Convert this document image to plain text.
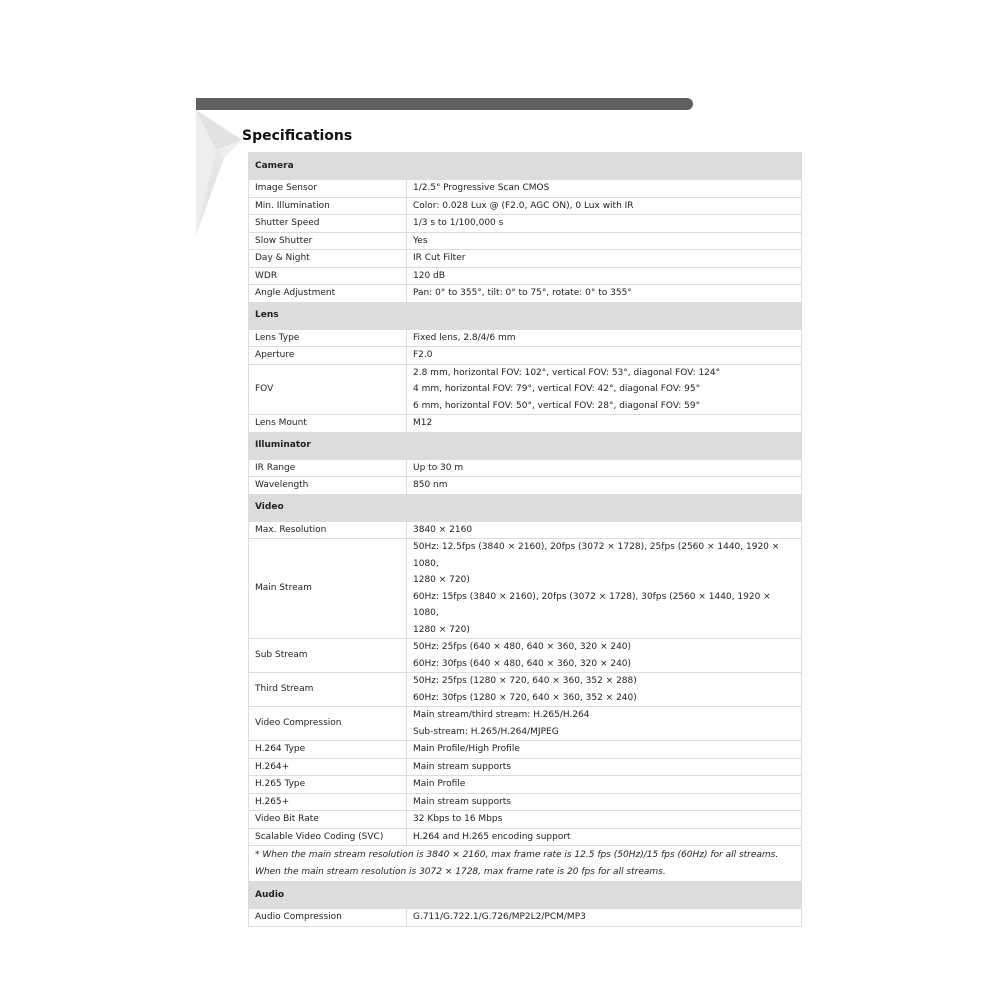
Specifications
Camera	
Image Sensor	1/2.5" Progressive Scan CMOS

Min. Illumination	Color: 0.028 Lux @ (F2.0, AGC ON), 0 Lux with IR

Shutter Speed	1/3 s to 1/100,000 s

Slow Shutter	Yes

Day & Night	IR Cut Filter

WDR	120 dB

Angle Adjustment	Pan: 0° to 355°, tilt: 0° to 75°, rotate: 0° to 355°

Lens	
Lens Type	Fixed lens, 2.8/4/6 mm

Aperture	F2.0

FOV	2.8 mm, horizontal FOV: 102°, vertical FOV: 53°, diagonal FOV: 124°
4 mm, horizontal FOV: 79°, vertical FOV: 42°, diagonal FOV: 95°
6 mm, horizontal FOV: 50°, vertical FOV: 28°, diagonal FOV: 59°

Lens Mount	M12

Illuminator	
IR Range	Up to 30 m

Wavelength	850 nm

Video	
Max. Resolution	3840 × 2160

Main Stream	50Hz: 12.5fps (3840 × 2160), 20fps (3072 × 1728), 25fps (2560 × 1440, 1920 × 1080,
1280 × 720)
60Hz: 15fps (3840 × 2160), 20fps (3072 × 1728), 30fps (2560 × 1440, 1920 × 1080,
1280 × 720)

Sub Stream	50Hz: 25fps (640 × 480, 640 × 360, 320 × 240)
60Hz: 30fps (640 × 480, 640 × 360, 320 × 240)

Third Stream	50Hz: 25fps (1280 × 720, 640 × 360, 352 × 288)
60Hz: 30fps (1280 × 720, 640 × 360, 352 × 240)

Video Compression	Main stream/third stream: H.265/H.264
Sub-stream: H.265/H.264/MJPEG

H.264 Type	Main Profile/High Profile

H.264+	Main stream supports

H.265 Type	Main Profile

H.265+	Main stream supports

Video Bit Rate	32 Kbps to 16 Mbps

Scalable Video Coding (SVC)	H.264 and H.265 encoding support

* When the main stream resolution is 3840 × 2160, max frame rate is 12.5 fps (50Hz)/15 fps (60Hz) for all streams. When the main stream resolution is 3072 × 1728, max frame rate is 20 fps for all streams.	
Audio	
Audio Compression	G.711/G.722.1/G.726/MP2L2/PCM/MP3
